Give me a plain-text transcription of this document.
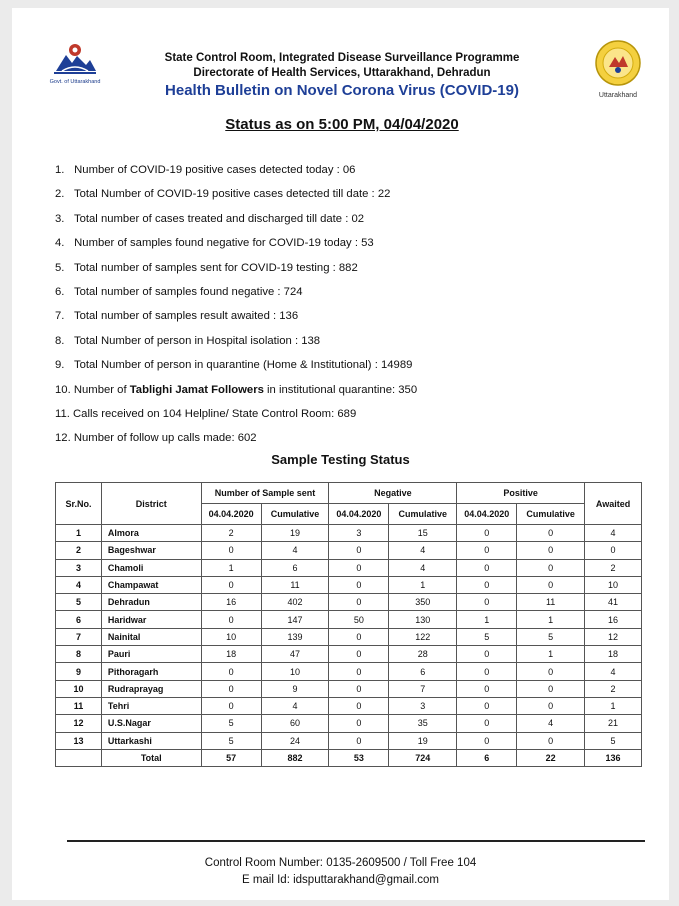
Govt. of Uttarakhand
Uttarakhand
State Control Room, Integrated Disease Surveillance Programme
Directorate of Health Services, Uttarakhand, Dehradun
Health Bulletin on Novel Corona Virus (COVID-19)
Status as on 5:00 PM, 04/04/2020
1. Number of COVID-19 positive cases detected today : 06
2. Total Number of COVID-19 positive cases detected till date : 22
3. Total number of cases treated and discharged till date : 02
4. Number of samples found negative for COVID-19 today : 53
5. Total number of samples sent for COVID-19 testing : 882
6. Total number of samples found negative : 724
7. Total number of samples result awaited : 136
8. Total Number of person in Hospital isolation : 138
9. Total Number of person in quarantine (Home & Institutional) : 14989
10. Number of Tablighi Jamat Followers in institutional quarantine: 350
11. Calls received on 104 Helpline/ State Control Room: 689
12. Number of follow up calls made: 602
Sample Testing Status
Sr.No.	District	Number of Sample sent		Negative		Positive		Awaited
		04.04.2020	Cumulative	04.04.2020	Cumulative	04.04.2020	Cumulative	
1	Almora	2	19	3	15	0	0	4
2	Bageshwar	0	4	0	4	0	0	0
3	Chamoli	1	6	0	4	0	0	2
4	Champawat	0	11	0	1	0	0	10
5	Dehradun	16	402	0	350	0	11	41
6	Haridwar	0	147	50	130	1	1	16
7	Nainital	10	139	0	122	5	5	12
8	Pauri	18	47	0	28	0	1	18
9	Pithoragarh	0	10	0	6	0	0	4
10	Rudraprayag	0	9	0	7	0	0	2
11	Tehri	0	4	0	3	0	0	1
12	U.S.Nagar	5	60	0	35	0	4	21
13	Uttarkashi	5	24	0	19	0	0	5
	Total	57	882	53	724	6	22	136
Control Room Number: 0135-2609500 / Toll Free 104
E mail Id: idsputtarakhand@gmail.com
